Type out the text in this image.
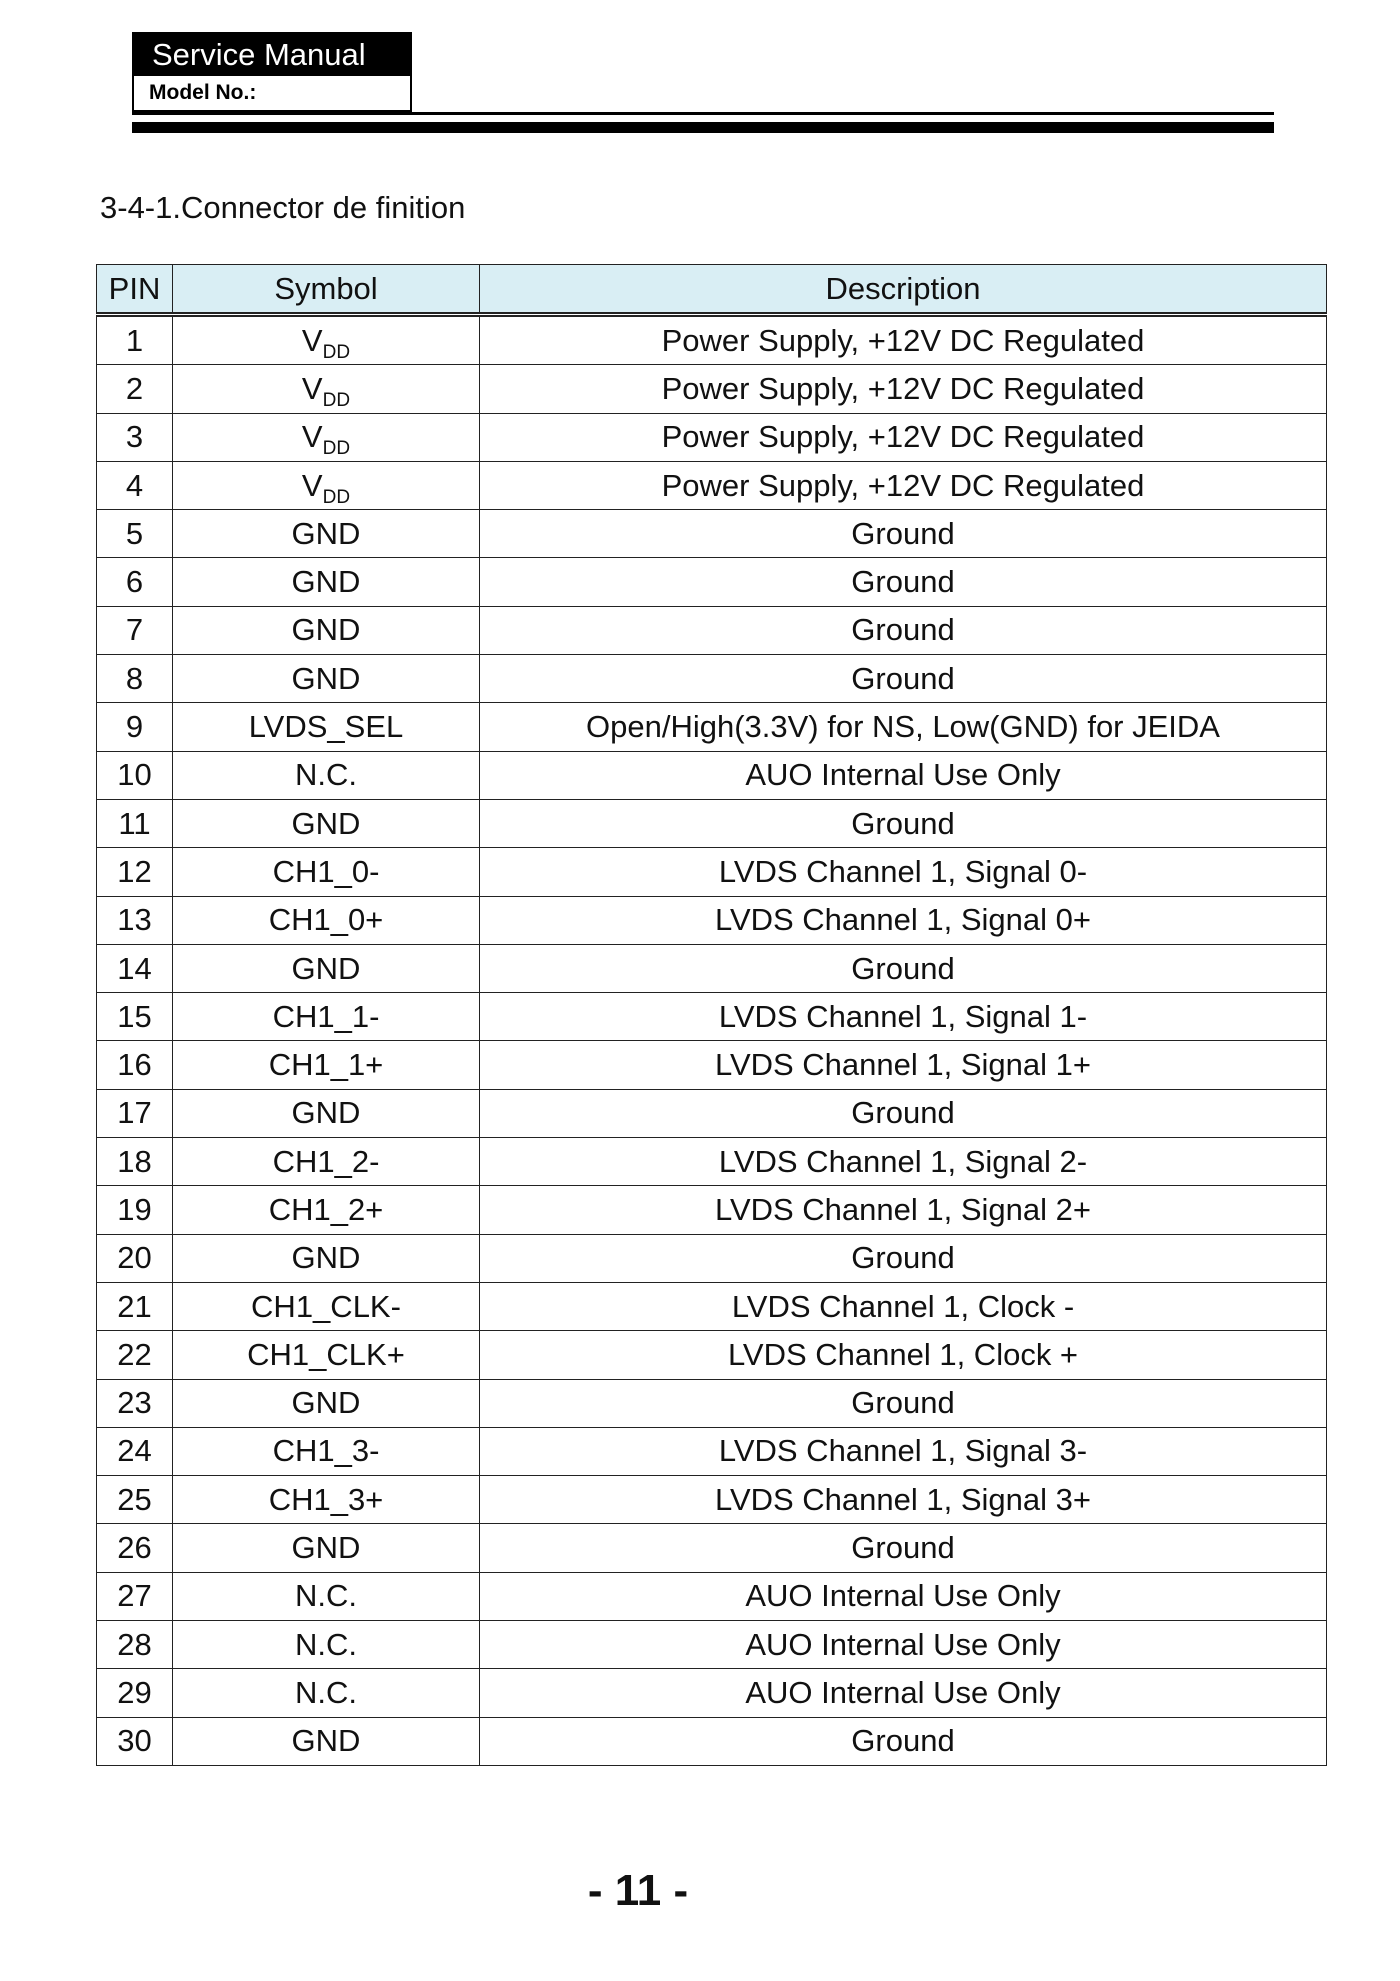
Service Manual
Model No.:
3-4-1.Connector de finition
PIN	Symbol	Description
1	$V_{DD}$	Power Supply, +12V DC Regulated
2	$V_{DD}$	Power Supply, +12V DC Regulated
3	$V_{DD}$	Power Supply, +12V DC Regulated
4	$V_{DD}$	Power Supply, +12V DC Regulated
5	GND	Ground
6	GND	Ground
7	GND	Ground
8	GND	Ground
9	LVDS_SEL	Open/High(3.3V) for NS, Low(GND) for JEIDA
10	N.C.	AUO Internal Use Only
11	GND	Ground
12	CH1_0-	LVDS Channel 1, Signal 0-
13	CH1_0+	LVDS Channel 1, Signal 0+
14	GND	Ground
15	CH1_1-	LVDS Channel 1, Signal 1-
16	CH1_1+	LVDS Channel 1, Signal 1+
17	GND	Ground
18	CH1_2-	LVDS Channel 1, Signal 2-
19	CH1_2+	LVDS Channel 1, Signal 2+
20	GND	Ground
21	CH1_CLK-	LVDS Channel 1, Clock -
22	CH1_CLK+	LVDS Channel 1, Clock +
23	GND	Ground
24	CH1_3-	LVDS Channel 1, Signal 3-
25	CH1_3+	LVDS Channel 1, Signal 3+
26	GND	Ground
27	N.C.	AUO Internal Use Only
28	N.C.	AUO Internal Use Only
29	N.C.	AUO Internal Use Only
30	GND	Ground
- 11 -
